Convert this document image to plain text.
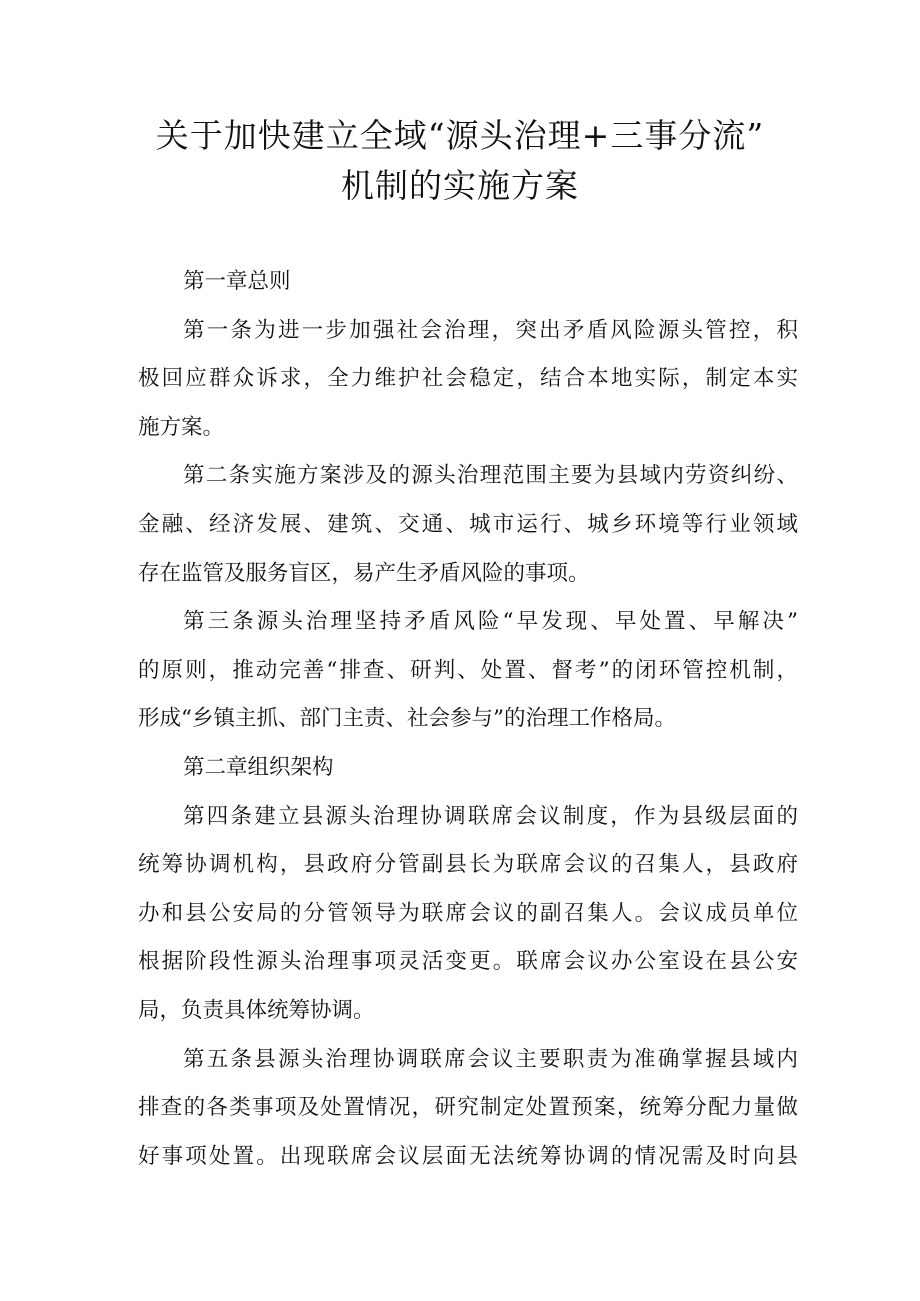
关于加快建立全域“源头治理+三事分流”
机制的实施方案
第一章总则
第一条为进一步加强社会治理，突出矛盾风险源头管控，积
极回应群众诉求，全力维护社会稳定，结合本地实际，制定本实
施方案。
第二条实施方案涉及的源头治理范围主要为县域内劳资纠纷、
金融、经济发展、建筑、交通、城市运行、城乡环境等行业领域
存在监管及服务盲区，易产生矛盾风险的事项。
第三条源头治理坚持矛盾风险“早发现、早处置、早解决”
的原则，推动完善“排查、研判、处置、督考”的闭环管控机制，
形成“乡镇主抓、部门主责、社会参与”的治理工作格局。
第二章组织架构
第四条建立县源头治理协调联席会议制度，作为县级层面的
统筹协调机构，县政府分管副县长为联席会议的召集人，县政府
办和县公安局的分管领导为联席会议的副召集人。会议成员单位
根据阶段性源头治理事项灵活变更。联席会议办公室设在县公安
局，负责具体统筹协调。
第五条县源头治理协调联席会议主要职责为准确掌握县域内
排查的各类事项及处置情况，研究制定处置预案，统筹分配力量做
好事项处置。出现联席会议层面无法统筹协调的情况需及时向县
